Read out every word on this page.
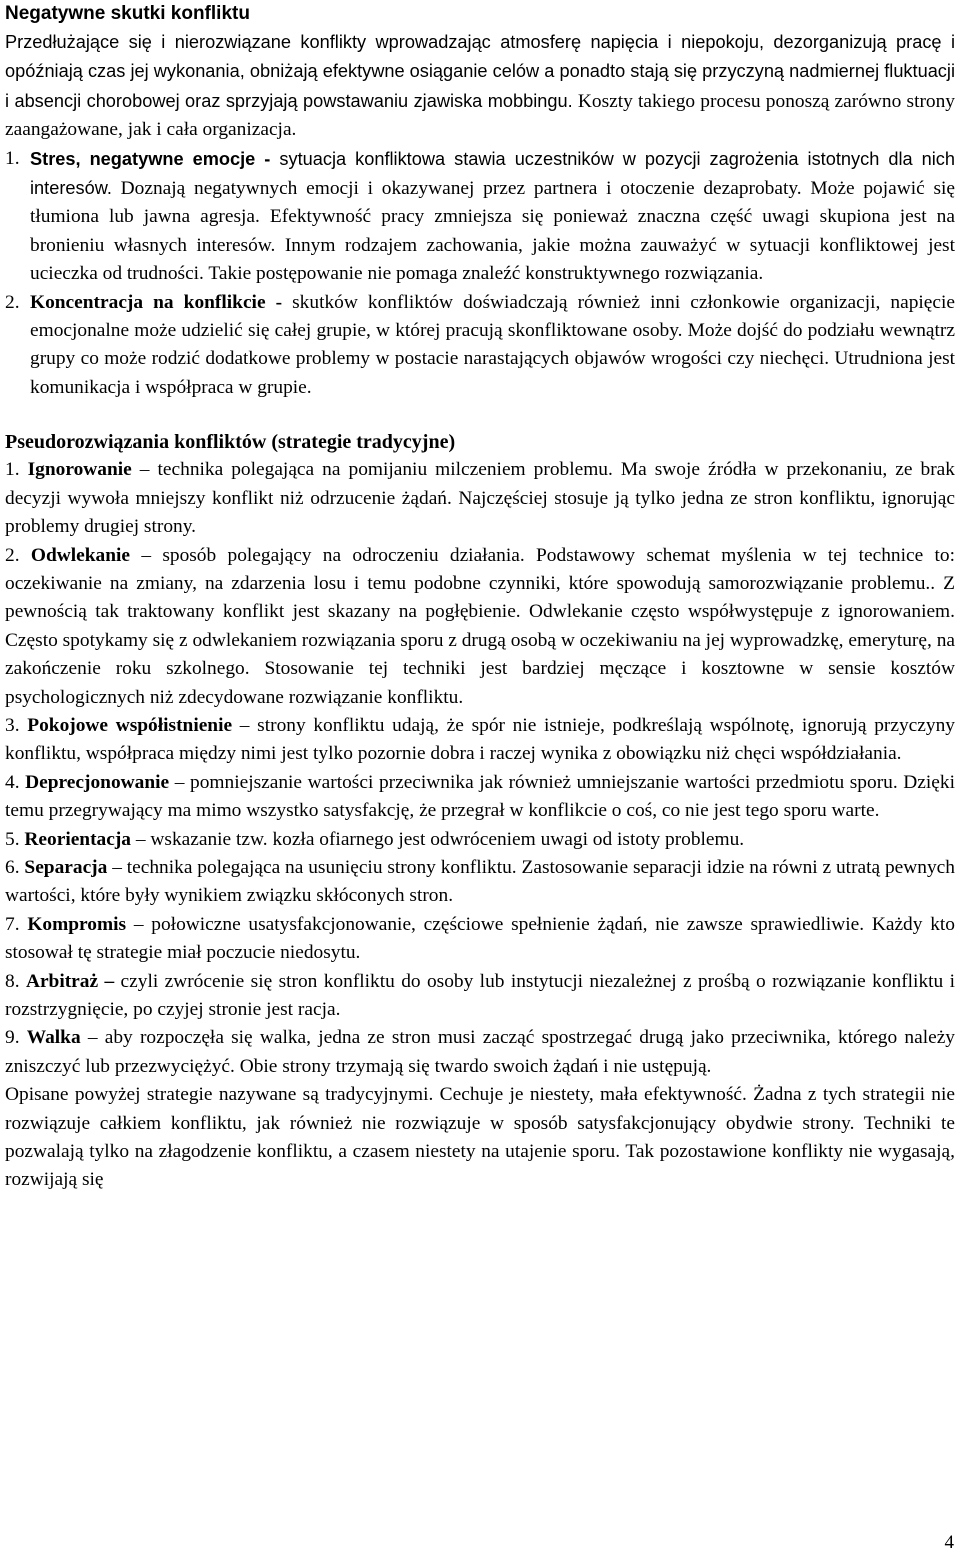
Negatywne skutki konfliktu

Przedłużające się i nierozwiązane konflikty wprowadzając atmosferę napięcia i niepokoju, dezorganizują pracę i opóźniają czas jej wykonania, obniżają efektywne osiąganie celów a ponadto stają się przyczyną nadmiernej fluktuacji i absencji chorobowej oraz sprzyjają powstawaniu zjawiska mobbingu. Koszty takiego procesu ponoszą zarówno strony zaangażowane, jak i cała organizacja.

1. Stres, negatywne emocje - sytuacja konfliktowa stawia uczestników w pozycji zagrożenia istotnych dla nich interesów. Doznają negatywnych emocji i okazywanej przez partnera i otoczenie dezaprobaty. Może pojawić się tłumiona lub jawna agresja. Efektywność pracy zmniejsza się ponieważ znaczna część uwagi skupiona jest na bronieniu własnych interesów. Innym rodzajem zachowania, jakie można zauważyć w sytuacji konfliktowej jest ucieczka od trudności. Takie postępowanie nie pomaga znaleźć konstruktywnego rozwiązania.
2. Koncentracja na konflikcie - skutków konfliktów doświadczają również inni członkowie organizacji, napięcie emocjonalne może udzielić się całej grupie, w której pracują skonfliktowane osoby. Może dojść do podziału wewnątrz grupy co może rodzić dodatkowe problemy w postacie narastających objawów wrogości czy niechęci. Utrudniona jest komunikacja i współpraca w grupie.
Pseudorozwiązania konfliktów (strategie tradycyjne)

1. Ignorowanie – technika polegająca na pomijaniu milczeniem problemu. Ma swoje źródła w przekonaniu, ze brak decyzji wywoła mniejszy konflikt niż odrzucenie żądań. Najczęściej stosuje ją tylko jedna ze stron konfliktu, ignorując problemy drugiej strony.

2. Odwlekanie – sposób polegający na odroczeniu działania. Podstawowy schemat myślenia w tej technice to: oczekiwanie na zmiany, na zdarzenia losu i temu podobne czynniki, które spowodują samorozwiązanie problemu.. Z pewnością tak traktowany konflikt jest skazany na pogłębienie. Odwlekanie często współwystępuje z ignorowaniem. Często spotykamy się z odwlekaniem rozwiązania sporu z drugą osobą w oczekiwaniu na jej wyprowadzkę, emeryturę, na zakończenie roku szkolnego. Stosowanie tej techniki jest bardziej męczące i kosztowne w sensie kosztów psychologicznych niż zdecydowane rozwiązanie konfliktu.

3. Pokojowe współistnienie – strony konfliktu udają, że spór nie istnieje, podkreślają wspólnotę, ignorują przyczyny konfliktu, współpraca między nimi jest tylko pozornie dobra i raczej wynika z obowiązku niż chęci współdziałania.

4. Deprecjonowanie – pomniejszanie wartości przeciwnika jak również umniejszanie wartości przedmiotu sporu. Dzięki temu przegrywający ma mimo wszystko satysfakcję, że przegrał w konflikcie o coś, co nie jest tego sporu warte.

5. Reorientacja – wskazanie tzw. kozła ofiarnego jest odwróceniem uwagi od istoty problemu.

6. Separacja – technika polegająca na usunięciu strony konfliktu. Zastosowanie separacji idzie na równi z utratą pewnych wartości, które były wynikiem związku skłóconych stron.

7. Kompromis – połowiczne usatysfakcjonowanie, częściowe spełnienie żądań, nie zawsze sprawiedliwie. Każdy kto stosował tę strategie miał poczucie niedosytu.

8. Arbitraż – czyli zwrócenie się stron konfliktu do osoby lub instytucji niezależnej z prośbą o rozwiązanie konfliktu i rozstrzygnięcie, po czyjej stronie jest racja.

9. Walka – aby rozpoczęła się walka, jedna ze stron musi zacząć spostrzegać drugą jako przeciwnika, którego należy zniszczyć lub przezwyciężyć. Obie strony trzymają się twardo swoich żądań i nie ustępują.

Opisane powyżej strategie nazywane są tradycyjnymi. Cechuje je niestety, mała efektywność. Żadna z tych strategii nie rozwiązuje całkiem konfliktu, jak również nie rozwiązuje w sposób satysfakcjonujący obydwie strony. Techniki te pozwalają tylko na złagodzenie konfliktu, a czasem niestety na utajenie sporu. Tak pozostawione konflikty nie wygasają, rozwijają się

4
